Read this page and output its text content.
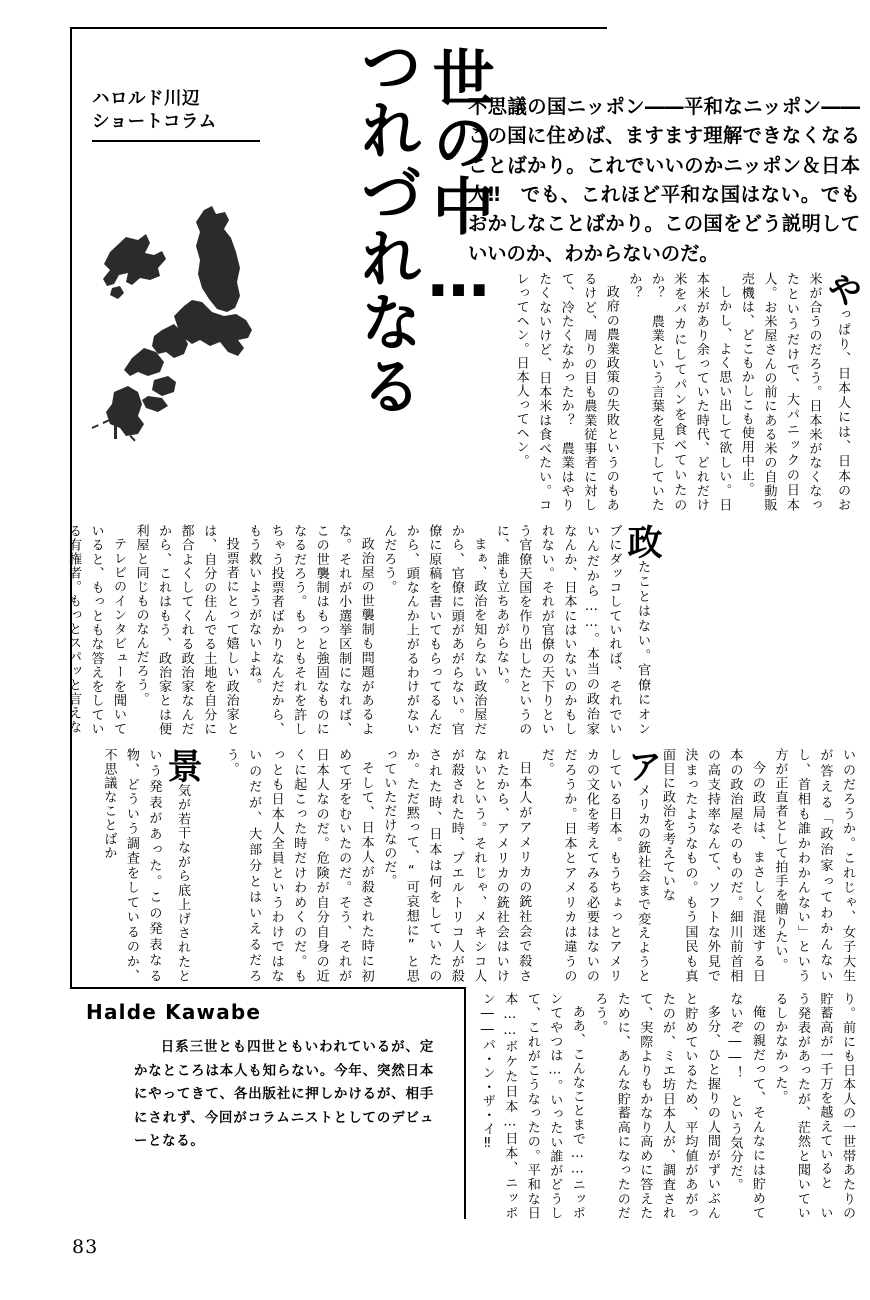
ハロルド川辺
ショートコラム	つれづれなる 世の中…
不思議の国ニッポン――平和なニッポン――この国に住めば、ますます理解できなくなることばかり。これでいいのかニッポン＆日本人‼　でも、これほど平和な国はない。でもおかしなことばかり。この国をどう説明していいのか、わからないのだ。

やっぱり、日本人には、日本のお米が合うのだろう。日本米がなくなったというだけで、大パニックの日本人。お米屋さんの前にある米の自動販売機は、どこもかしこも使用中止。

しかし、よく思い出して欲しい。日本米があり余っていた時代、どれだけ米をバカにしてパンを食べていたのか？　農業という言葉を見下していたか？

政府の農業政策の失敗というのもあるけど、周りの目も農業従事者に対して、冷たくなかったか？　農業はやりたくないけど、日本米は食べたい。コレってヘン。日本人ってヘン。

政たことはない。官僚にオンブにダッコしていれば、それでいいんだから……。本当の政治家なんか、日本にはいないのかもしれない。それが官僚の天下りという官僚天国を作り出したというのに、誰も立ちあがらない。

まぁ、政治を知らない政治屋だから、官僚に頭があがらない。官僚に原稿を書いてもらってるんだから、頭なんか上がるわけがないんだろう。

政治屋の世襲制も問題があるよな。それが小選挙区制になれば、この世襲制はもっと強固なものになるだろう。もっともそれを許しちゃう投票者ばかりなんだから、もう救いようがないよね。

投票者にとって嬉しい政治家とは、自分の住んでる土地を自分に都合よくしてくれる政治家なんだから、これはもう、政治家とは便利屋と同じものなんだろう。

テレビのインタビューを聞いていると、もっともな答えをしている有権者。もっとスパッと言えな

アメリカの銃社会まで変えようとしている日本。もうちょっとアメリカの文化を考えてみる必要はないのだろうか。日本とアメリカは違うのだ。

日本人がアメリカの銃社会で殺されたから、アメリカの銃社会はいけないという。それじゃ、メキシコ人が殺された時、プエルトリコ人が殺された時、日本は何をしていたのか。ただ黙って、“可哀想に”と思っていただけなのだ。

そして、日本人が殺された時に初めて牙をむいたのだ。そう、それが日本人なのだ。危険が自分自身の近くに起こった時だけわめくのだ。もっとも日本人全員というわけではないのだが、大部分とはいえるだろう。

景気が若干ながら底上げされたという発表があった。この発表なる物、どういう調査をしているのか、不思議なことばか	いのだろうか。これじゃ、女子大生が答える「政治家ってわかんないし、首相も誰かわかんない」という方が正直者として拍手を贈りたい。

今の政局は、まさしく混迷する日本の政治屋そのものだ。細川前首相の高支持率なんて、ソフトな外見で決まったようなもの。もう国民も真面目に政治を考えていな

り。前にも日本人の一世帯あたりの貯蓄高が一千万を越えていると いう発表があったが、茫然と聞いているしかなかった。

俺の親だって、そんなには貯めてないぞ――！　という気分だ。

多分、ひと握りの人間がずいぶんと貯めているため、平均値があがったのが、ミエ坊日本人が、調査されて、実際よりもかなり高めに答えたために、あんな貯蓄高になったのだろう。

ああ、こんなことまで……ニッポンてやつは…。いったい誰がどうして、これがこうなったの。平和な日本……ボケた日本…日本、ニッポン――パ・ン・ザ・イ‼

Halde Kawabe
日系三世とも四世ともいわれているが、定かなところは本人も知らない。今年、突然日本にやってきて、各出版社に押しかけるが、相手にされず、今回がコラムニストとしてのデビューとなる。
83
